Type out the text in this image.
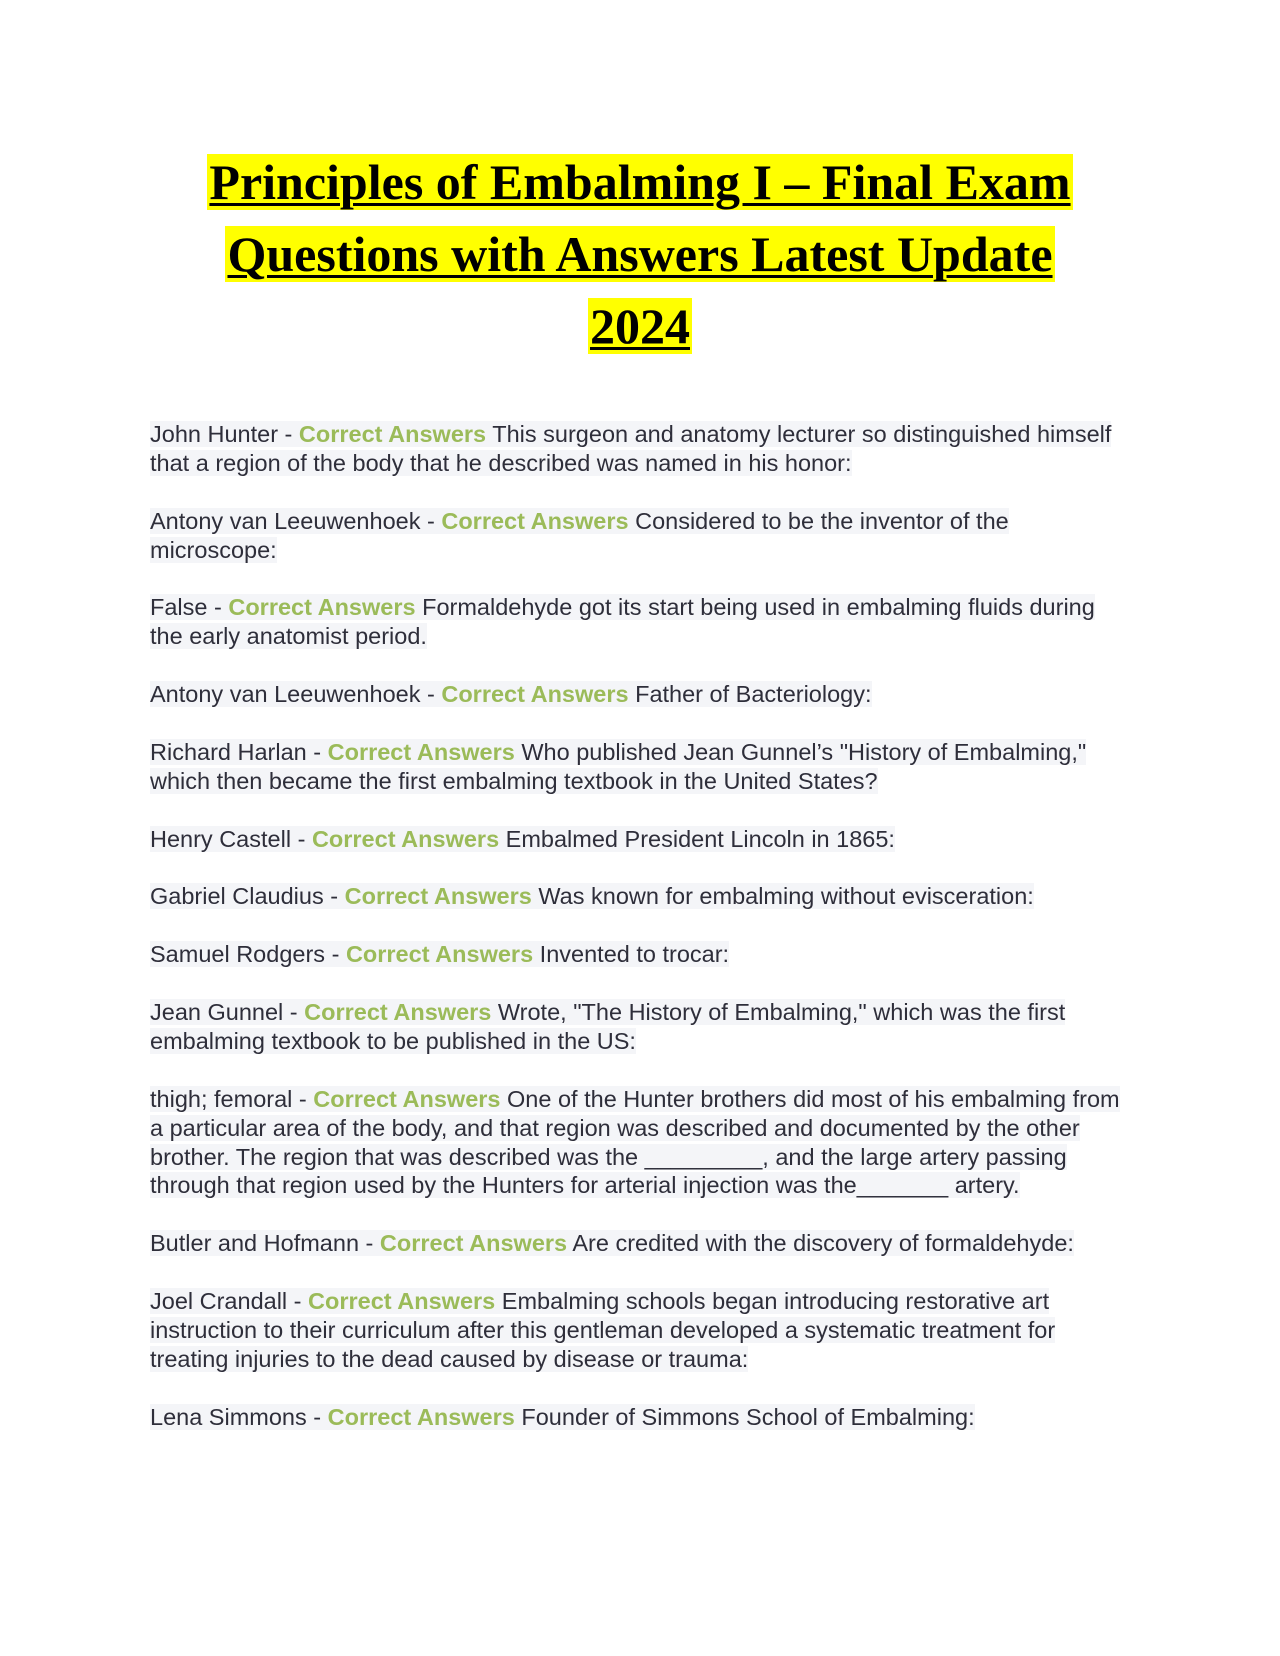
Principles of Embalming I – Final Exam
Questions with Answers Latest Update
2024

John Hunter - Correct Answers This surgeon and anatomy lecturer so distinguished himself that a region of the body that he described was named in his honor:

Antony van Leeuwenhoek - Correct Answers Considered to be the inventor of the microscope:

False - Correct Answers Formaldehyde got its start being used in embalming fluids during the early anatomist period.

Antony van Leeuwenhoek - Correct Answers Father of Bacteriology:

Richard Harlan - Correct Answers Who published Jean Gunnel’s "History of Embalming," which then became the first embalming textbook in the United States?

Henry Castell - Correct Answers Embalmed President Lincoln in 1865:

Gabriel Claudius - Correct Answers Was known for embalming without evisceration:

Samuel Rodgers - Correct Answers Invented to trocar:

Jean Gunnel - Correct Answers Wrote, "The History of Embalming," which was the first embalming textbook to be published in the US:

thigh; femoral - Correct Answers One of the Hunter brothers did most of his embalming from a particular area of the body, and that region was described and documented by the other brother. The region that was described was the _________, and the large artery passing through that region used by the Hunters for arterial injection was the_______ artery.

Butler and Hofmann - Correct Answers Are credited with the discovery of formaldehyde:

Joel Crandall - Correct Answers Embalming schools began introducing restorative art instruction to their curriculum after this gentleman developed a systematic treatment for treating injuries to the dead caused by disease or trauma:

Lena Simmons - Correct Answers Founder of Simmons School of Embalming:
